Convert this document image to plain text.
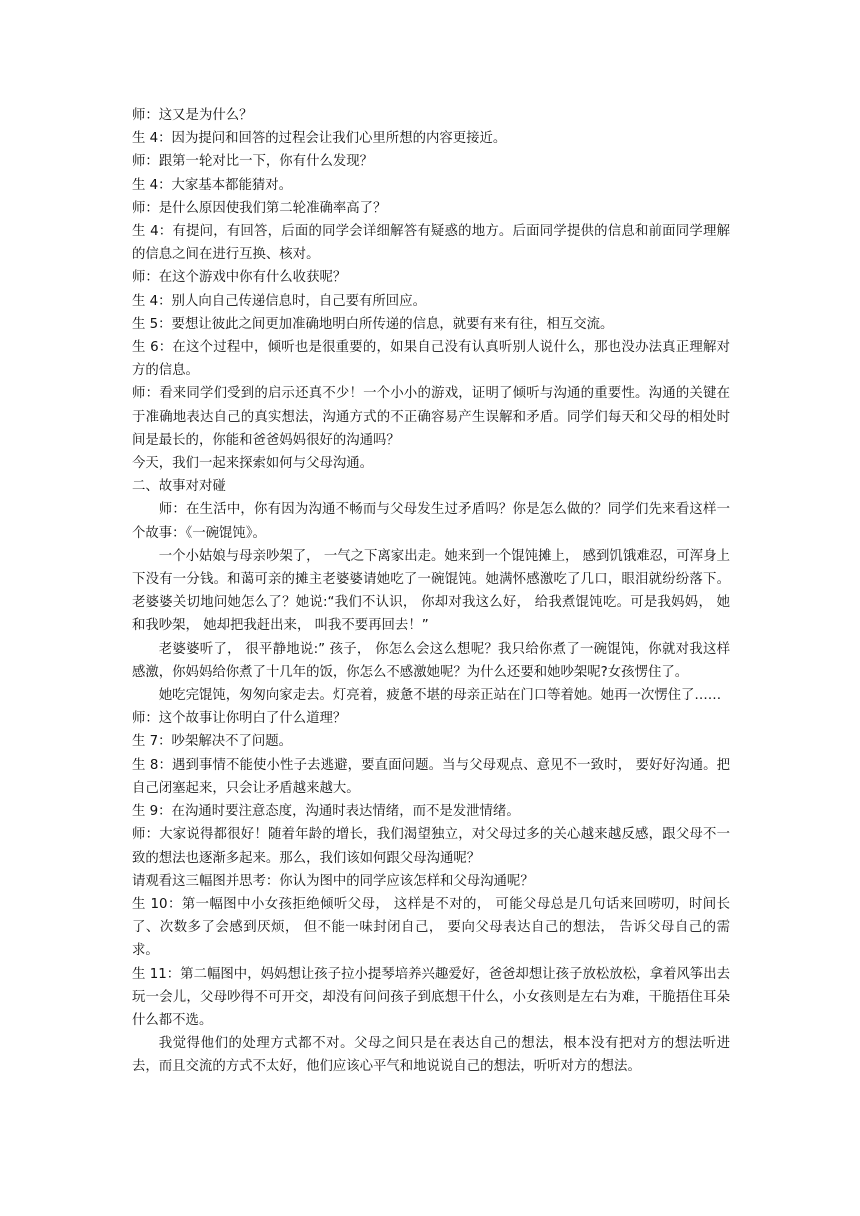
师：这又是为什么？

生 4：因为提问和回答的过程会让我们心里所想的内容更接近。

师：跟第一轮对比一下，你有什么发现？

生 4：大家基本都能猜对。

师：是什么原因使我们第二轮准确率高了？

生 4：有提问，有回答，后面的同学会详细解答有疑惑的地方。后面同学提供的信息和前面同学理解的信息之间在进行互换、核对。

师：在这个游戏中你有什么收获呢？

生 4：别人向自己传递信息时，自己要有所回应。

生 5：要想让彼此之间更加准确地明白所传递的信息，就要有来有往，相互交流。

生 6：在这个过程中，倾听也是很重要的，如果自己没有认真听别人说什么，那也没办法真正理解对方的信息。

师：看来同学们受到的启示还真不少！一个小小的游戏，证明了倾听与沟通的重要性。沟通的关键在于准确地表达自己的真实想法，沟通方式的不正确容易产生误解和矛盾。同学们每天和父母的相处时间是最长的，你能和爸爸妈妈很好的沟通吗？

今天，我们一起来探索如何与父母沟通。

二、故事对对碰

师：在生活中，你有因为沟通不畅而与父母发生过矛盾吗？你是怎么做的？同学们先来看这样一个故事：《一碗馄饨》。

一个小姑娘与母亲吵架了， 一气之下离家出走。她来到一个馄饨摊上， 感到饥饿难忍，可浑身上下没有一分钱。和蔼可亲的摊主老婆婆请她吃了一碗馄饨。她满怀感激吃了几口，眼泪就纷纷落下。老婆婆关切地问她怎么了？她说:“我们不认识， 你却对我这么好， 给我煮馄饨吃。可是我妈妈， 她和我吵架， 她却把我赶出来， 叫我不要再回去！”

老婆婆听了， 很平静地说:” 孩子， 你怎么会这么想呢？我只给你煮了一碗馄饨，你就对我这样感激，你妈妈给你煮了十几年的饭，你怎么不感激她呢？为什么还要和她吵架呢?女孩愣住了。

她吃完馄饨，匆匆向家走去。灯亮着，疲惫不堪的母亲正站在门口等着她。她再一次愣住了……

师：这个故事让你明白了什么道理？

生 7：吵架解决不了问题。

生 8：遇到事情不能使小性子去逃避，要直面问题。当与父母观点、意见不一致时， 要好好沟通。把自己闭塞起来，只会让矛盾越来越大。

生 9：在沟通时要注意态度，沟通时表达情绪，而不是发泄情绪。

师：大家说得都很好！随着年龄的增长，我们渴望独立，对父母过多的关心越来越反感，跟父母不一致的想法也逐渐多起来。那么，我们该如何跟父母沟通呢？

请观看这三幅图并思考：你认为图中的同学应该怎样和父母沟通呢？

生 10：第一幅图中小女孩拒绝倾听父母， 这样是不对的， 可能父母总是几句话来回唠叨，时间长了、次数多了会感到厌烦， 但不能一味封闭自己， 要向父母表达自己的想法， 告诉父母自己的需求。

生 11：第二幅图中，妈妈想让孩子拉小提琴培养兴趣爱好，爸爸却想让孩子放松放松，拿着风筝出去玩一会儿，父母吵得不可开交，却没有问问孩子到底想干什么，小女孩则是左右为难，干脆捂住耳朵什么都不选。

我觉得他们的处理方式都不对。父母之间只是在表达自己的想法，根本没有把对方的想法听进去，而且交流的方式不太好，他们应该心平气和地说说自己的想法，听听对方的想法。
